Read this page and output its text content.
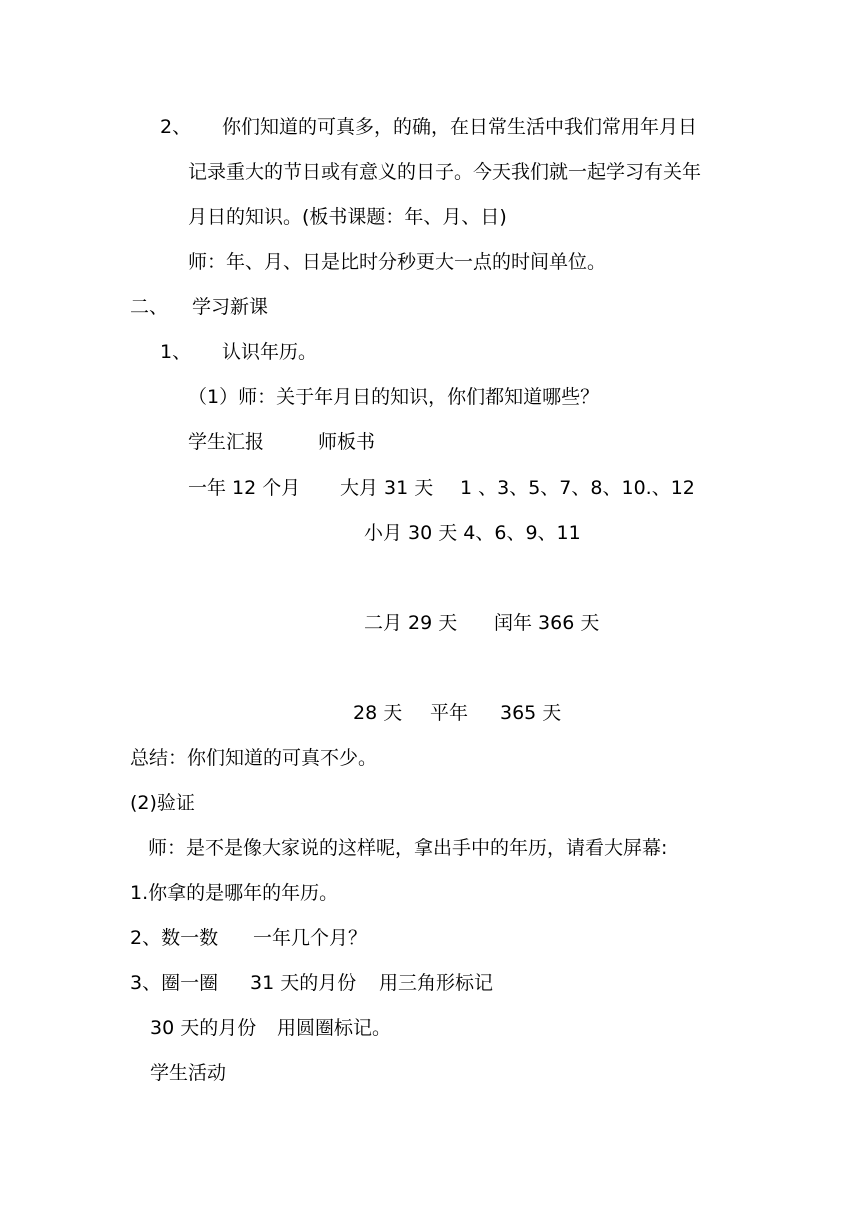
2、 你们知道的可真多，的确，在日常生活中我们常用年月日

记录重大的节日或有意义的日子。今天我们就一起学习有关年

月日的知识。(板书课题：年、月、日)

师：年、月、日是比时分秒更大一点的时间单位。

二、 学习新课

1、 认识年历。

（1）师：关于年月日的知识，你们都知道哪些？

学生汇报	师板书

一年 12 个月 大月 31 天 1 、3、5、7、8、10.、12

小月 30 天 4、6、9、11

二月 29 天 闰年 366 天

28 天 平年 365 天

总结：你们知道的可真不少。

(2)验证

师：是不是像大家说的这样呢，拿出手中的年历，请看大屏幕:

1.你拿的是哪年的年历。

2、数一数 一年几个月？

3、圈一圈 31 天的月份 用三角形标记

30 天的月份 用圆圈标记。

学生活动
